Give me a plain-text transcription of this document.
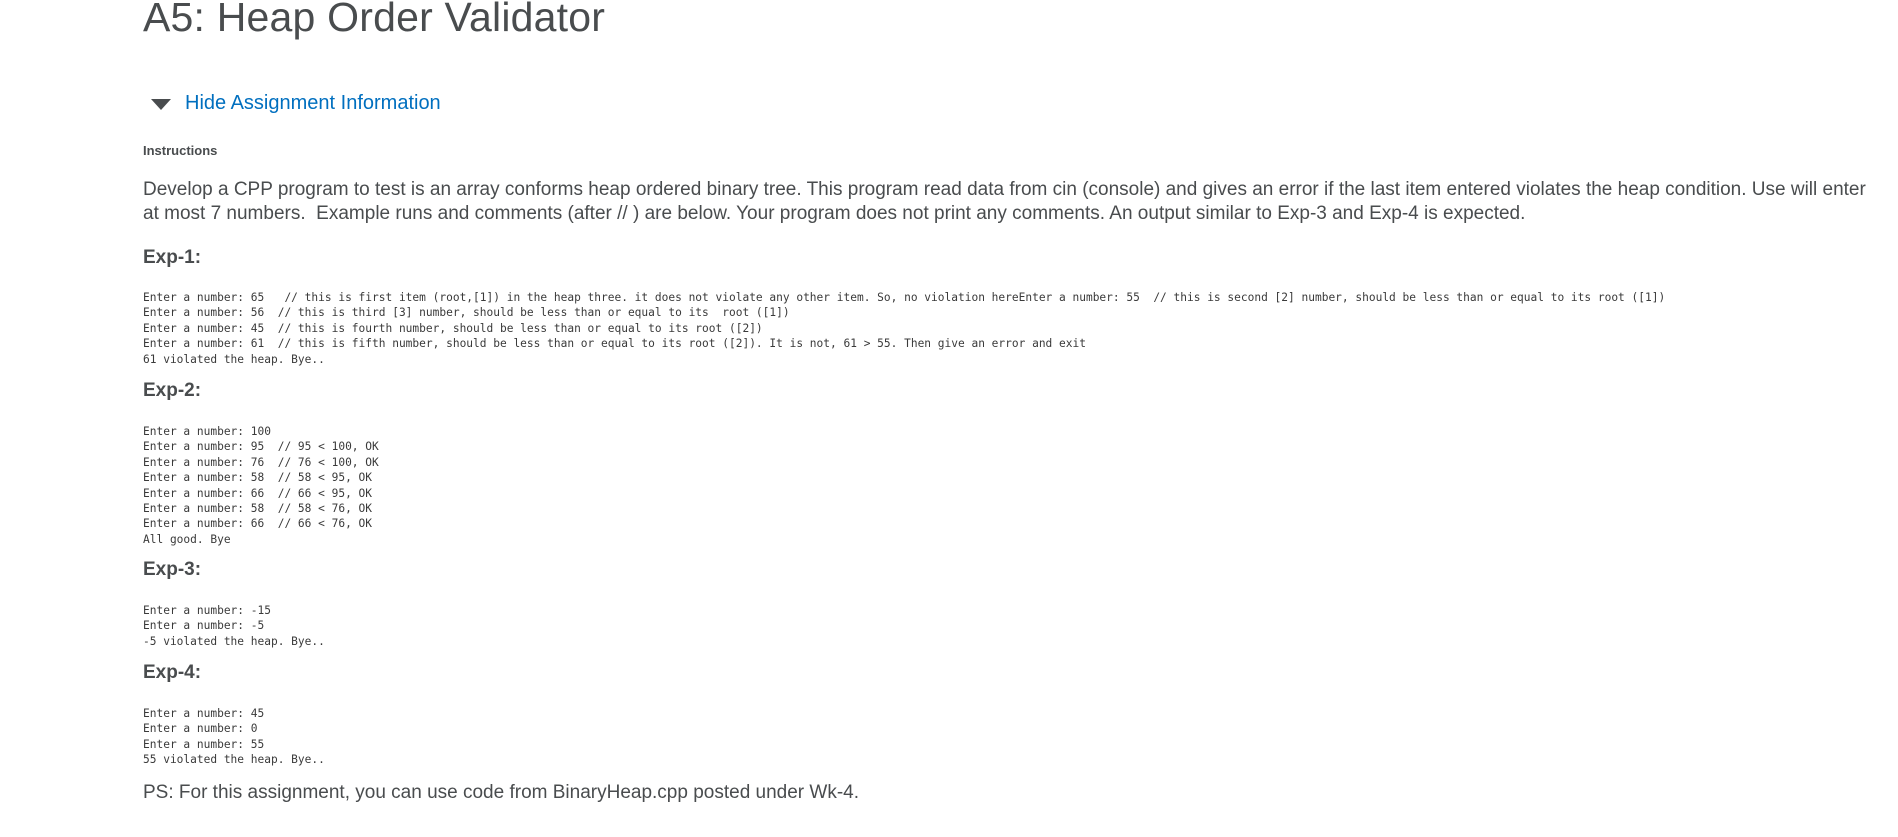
A5: Heap Order Validator
Hide Assignment Information
Instructions

Develop a CPP program to test is an array conforms heap ordered binary tree. This program read data from cin (console) and gives an error if the last item entered violates the heap condition. Use will enter at most 7 numbers.  Example runs and comments (after // ) are below. Your program does not print any comments. An output similar to Exp-3 and Exp-4 is expected.

Exp-1:
Enter a number: 65   // this is first item (root,[1]) in the heap three. it does not violate any other item. So, no violation hereEnter a number: 55  // this is second [2] number, should be less than or equal to its root ([1])
Enter a number: 56  // this is third [3] number, should be less than or equal to its  root ([1])
Enter a number: 45  // this is fourth number, should be less than or equal to its root ([2])
Enter a number: 61  // this is fifth number, should be less than or equal to its root ([2]). It is not, 61 > 55. Then give an error and exit
61 violated the heap. Bye..
Exp-2:
Enter a number: 100
Enter a number: 95  // 95 < 100, OK
Enter a number: 76  // 76 < 100, OK
Enter a number: 58  // 58 < 95, OK
Enter a number: 66  // 66 < 95, OK
Enter a number: 58  // 58 < 76, OK
Enter a number: 66  // 66 < 76, OK
All good. Bye
Exp-3:
Enter a number: -15
Enter a number: -5
-5 violated the heap. Bye..
Exp-4:
Enter a number: 45
Enter a number: 0
Enter a number: 55
55 violated the heap. Bye..

PS: For this assignment, you can use code from BinaryHeap.cpp posted under Wk-4.
